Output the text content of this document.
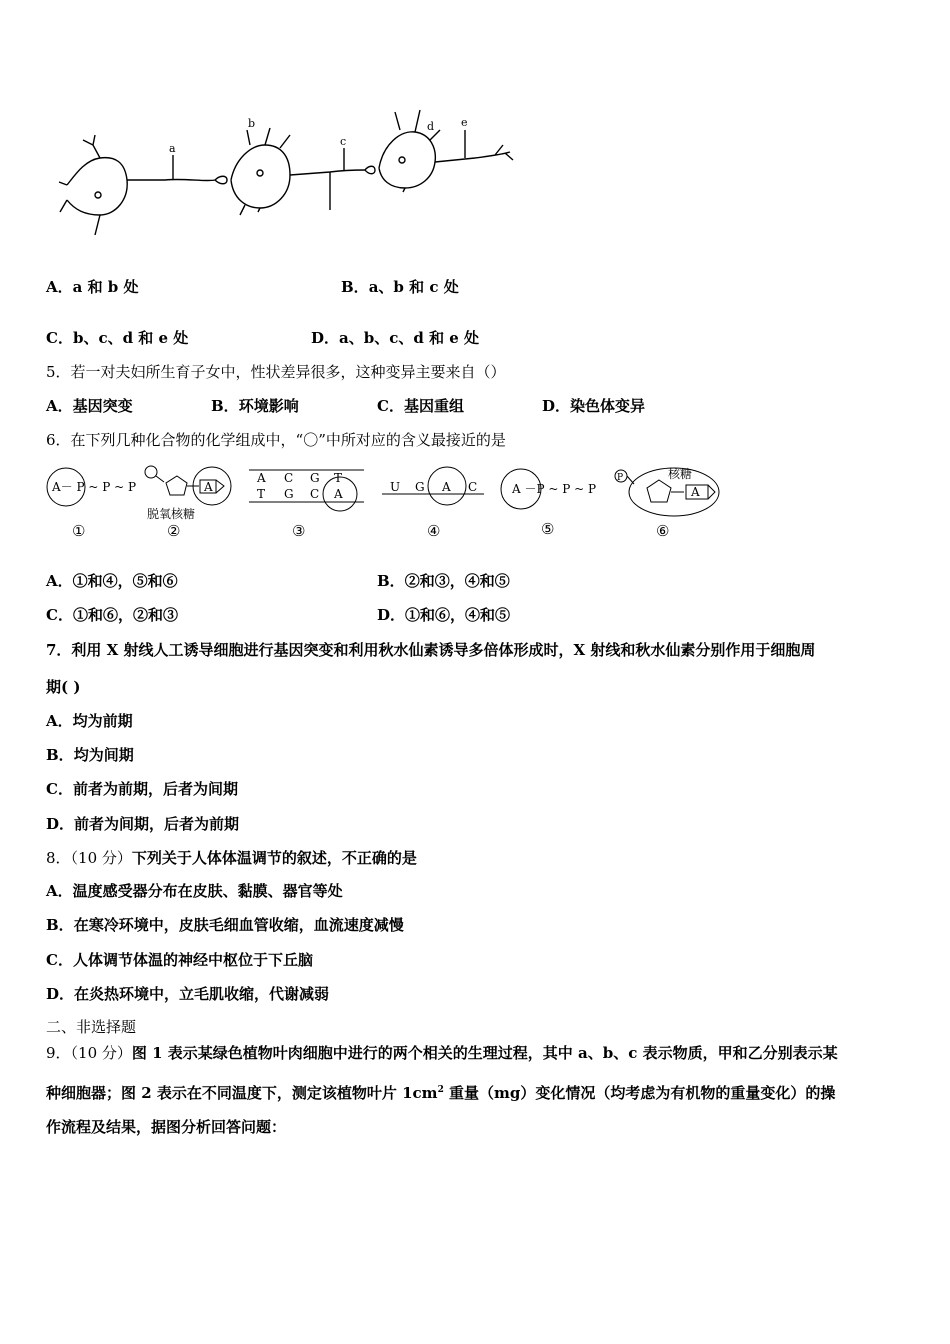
a
b
c
d e
A．a 和 b 处	B．a、b 和 c 处
C．b、c、d 和 e 处	D．a、b、c、d 和 e 处
5．若一对夫妇所生育子女中，性状差异很多，这种变异主要来自（）
A．基因突变	B．环境影响	C．基因重组	D．染色体变异
6．在下列几种化合物的化学组成中，“〇”中所对应的含义最接近的是
A－ P ~ P ~ P	A
脱氧核糖
A C G T
T G C A	U G A C	A －P ~ P ~ P
P	核糖
A
①	②	③	④	⑤	⑥
A．①和④，⑤和⑥	B．②和③，④和⑤
C．①和⑥，②和③	D．①和⑥，④和⑤
7．利用 X 射线人工诱导细胞进行基因突变和利用秋水仙素诱导多倍体形成时，X 射线和秋水仙素分别作用于细胞周
期( )
A．均为前期
B．均为间期
C．前者为前期，后者为间期
D．前者为间期，后者为前期
8．（10 分）下列关于人体体温调节的叙述，不正确的是
A．温度感受器分布在皮肤、黏膜、器官等处
B．在寒冷环境中，皮肤毛细血管收缩，血流速度减慢
C．人体调节体温的神经中枢位于下丘脑
D．在炎热环境中，立毛肌收缩，代谢减弱
二、非选择题
9．（10 分）图 1 表示某绿色植物叶肉细胞中进行的两个相关的生理过程，其中 a、b、c 表示物质，甲和乙分别表示某
种细胞器；图 2 表示在不同温度下，测定该植物叶片 $1cm^2$ 重量（mg）变化情况（均考虑为有机物的重量变化）的操
作流程及结果，据图分析回答问题：
